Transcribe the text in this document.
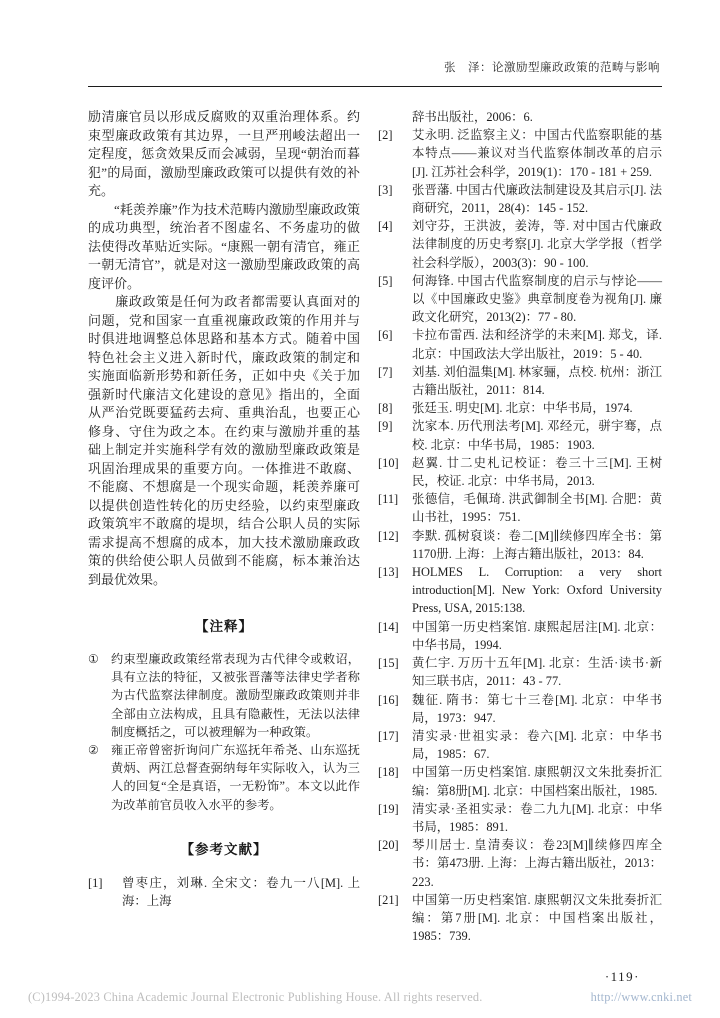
张　泽：论激励型廉政政策的范畴与影响

励清廉官员以形成反腐败的双重治理体系。约束型廉政政策有其边界，一旦严刑峻法超出一定程度，惩贪效果反而会减弱，呈现“朝治而暮犯”的局面，激励型廉政政策可以提供有效的补充。

　　“耗羡养廉”作为技术范畴内激励型廉政政策的成功典型，统治者不图虚名、不务虚功的做法使得改革贴近实际。“康熙一朝有清官，雍正一朝无清官”，就是对这一激励型廉政政策的高度评价。

　　廉政政策是任何为政者都需要认真面对的问题，党和国家一直重视廉政政策的作用并与时俱进地调整总体思路和基本方式。随着中国特色社会主义进入新时代，廉政政策的制定和实施面临新形势和新任务，正如中央《关于加强新时代廉洁文化建设的意见》指出的，全面从严治党既要猛药去疴、重典治乱，也要正心修身、守住为政之本。在约束与激励并重的基础上制定并实施科学有效的激励型廉政政策是巩固治理成果的重要方向。一体推进不敢腐、不能腐、不想腐是一个现实命题，耗羡养廉可以提供创造性转化的历史经验，以约束型廉政政策筑牢不敢腐的堤坝，结合公职人员的实际需求提高不想腐的成本，加大技术激励廉政政策的供给使公职人员做到不能腐，标本兼治达到最优效果。

【注释】
① 约束型廉政政策经常表现为古代律令或敕诏，具有立法的特征，又被张晋藩等法律史学者称为古代监察法律制度。激励型廉政政策则并非全部由立法构成，且具有隐蔽性，无法以法律制度概括之，可以被理解为一种政策。
② 雍正帝曾密折询问广东巡抚年希尧、山东巡抚黄炳、两江总督查弼纳每年实际收入，认为三人的回复“全是真语，一无粉饰”。本文以此作为改革前官员收入水平的参考。
【参考文献】
[1]	曾枣庄，刘琳. 全宋文：卷九一八[M]. 上海：上海
辞书出版社，2006：6.
[2]	艾永明. 泛监察主义：中国古代监察职能的基本特点——兼议对当代监察体制改革的启示[J]. 江苏社会科学，2019(1)：170 - 181 + 259.
[3]	张晋藩. 中国古代廉政法制建设及其启示[J]. 法商研究，2011，28(4)：145 - 152.
[4]	刘守芬，王洪波，姜涛，等. 对中国古代廉政法律制度的历史考察[J]. 北京大学学报（哲学社会科学版），2003(3)：90 - 100.
[5]	何海锋. 中国古代监察制度的启示与悖论——以《中国廉政史鉴》典章制度卷为视角[J]. 廉政文化研究，2013(2)：77 - 80.
[6]	卡拉布雷西. 法和经济学的未来[M]. 郑戈，译. 北京：中国政法大学出版社，2019：5 - 40.
[7]	刘基. 刘伯温集[M]. 林家骊，点校. 杭州：浙江古籍出版社，2011：814.
[8]	张廷玉. 明史[M]. 北京：中华书局，1974.
[9]	沈家本. 历代刑法考[M]. 邓经元，骈宇骞，点校. 北京：中华书局，1985：1903.
[10]	赵翼. 廿二史札记校证：卷三十三[M]. 王树民，校证. 北京：中华书局，2013.
[11]	张德信，毛佩琦. 洪武御制全书[M]. 合肥：黄山书社，1995：751.
[12]	李默. 孤树裒谈：卷二[M]∥续修四库全书：第1170册. 上海：上海古籍出版社，2013：84.
[13]	HOLMES L. Corruption: a very short introduction[M]. New York: Oxford University Press, USA, 2015:138.
[14]	中国第一历史档案馆. 康熙起居注[M]. 北京：中华书局，1994.
[15]	黄仁宇. 万历十五年[M]. 北京：生活·读书·新知三联书店，2011：43 - 77.
[16]	魏征. 隋书：第七十三卷[M]. 北京：中华书局，1973：947.
[17]	清实录·世祖实录：卷六[M]. 北京：中华书局，1985：67.
[18]	中国第一历史档案馆. 康熙朝汉文朱批奏折汇编：第8册[M]. 北京：中国档案出版社，1985.
[19]	清实录·圣祖实录：卷二九九[M]. 北京：中华书局，1985：891.
[20]	琴川居士. 皇清奏议：卷23[M]∥续修四库全书：第473册. 上海：上海古籍出版社，2013：223.
[21]	中国第一历史档案馆. 康熙朝汉文朱批奏折汇编：第7册[M]. 北京：中国档案出版社，1985：739.
·119·
(C)1994-2023 China Academic Journal Electronic Publishing House. All rights reserved.	http://www.cnki.net
